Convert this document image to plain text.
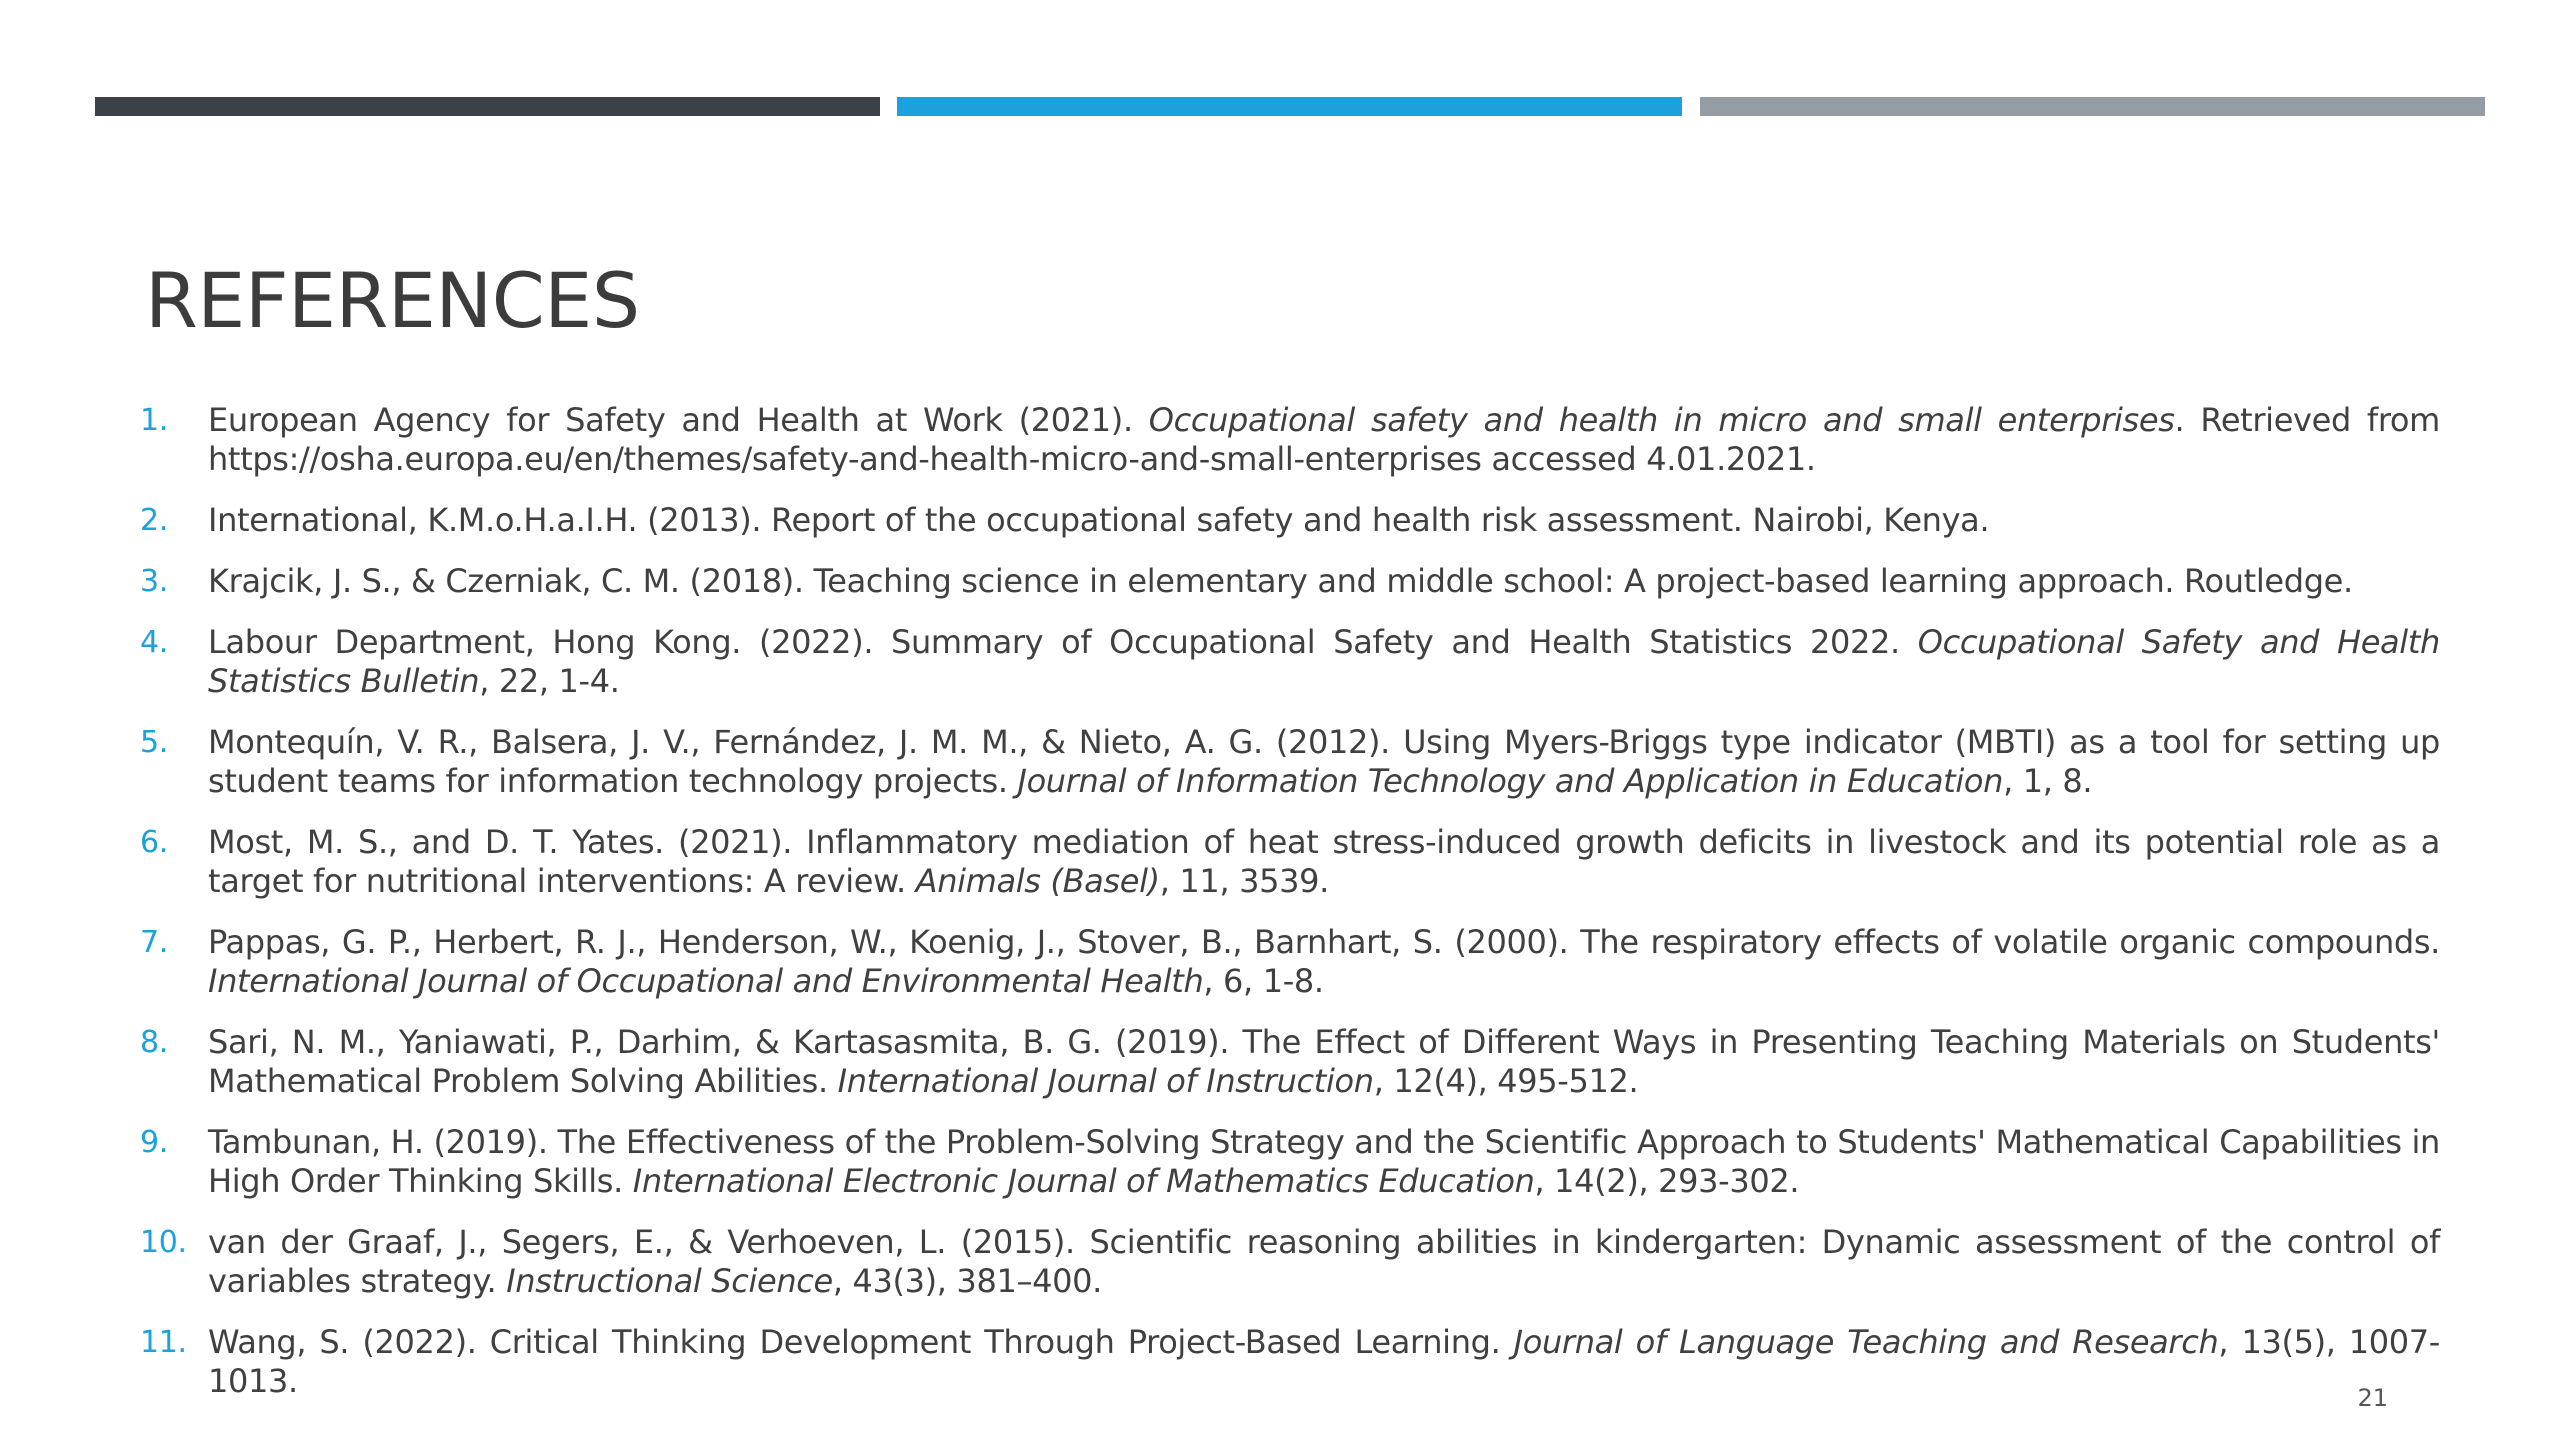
REFERENCES
1. European Agency for Safety and Health at Work (2021). Occupational safety and health in micro and small enterprises. Retrieved from https://osha.europa.eu/en/themes/safety-and-health-micro-and-small-enterprises accessed 4.01.2021.
2. International, K.M.o.H.a.I.H. (2013). Report of the occupational safety and health risk assessment. Nairobi, Kenya.
3. Krajcik, J. S., & Czerniak, C. M. (2018). Teaching science in elementary and middle school: A project-based learning approach. Routledge.
4. Labour Department, Hong Kong. (2022). Summary of Occupational Safety and Health Statistics 2022. Occupational Safety and Health Statistics Bulletin, 22, 1-4.
5. Montequín, V. R., Balsera, J. V., Fernández, J. M. M., & Nieto, A. G. (2012). Using Myers-Briggs type indicator (MBTI) as a tool for setting up student teams for information technology projects. Journal of Information Technology and Application in Education, 1, 8.
6. Most, M. S., and D. T. Yates. (2021). Inflammatory mediation of heat stress-induced growth deficits in livestock and its potential role as a target for nutritional interventions: A review. Animals (Basel), 11, 3539.
7. Pappas, G. P., Herbert, R. J., Henderson, W., Koenig, J., Stover, B., Barnhart, S. (2000). The respiratory effects of volatile organic compounds. International Journal of Occupational and Environmental Health, 6, 1-8.
8. Sari, N. M., Yaniawati, P., Darhim, & Kartasasmita, B. G. (2019). The Effect of Different Ways in Presenting Teaching Materials on Students' Mathematical Problem Solving Abilities. International Journal of Instruction, 12(4), 495-512.
9. Tambunan, H. (2019). The Effectiveness of the Problem-Solving Strategy and the Scientific Approach to Students' Mathematical Capabilities in High Order Thinking Skills. International Electronic Journal of Mathematics Education, 14(2), 293-302.
10. van der Graaf, J., Segers, E., & Verhoeven, L. (2015). Scientific reasoning abilities in kindergarten: Dynamic assessment of the control of variables strategy. Instructional Science, 43(3), 381–400.
11. Wang, S. (2022). Critical Thinking Development Through Project-Based Learning. Journal of Language Teaching and Research, 13(5), 1007-1013.	21
